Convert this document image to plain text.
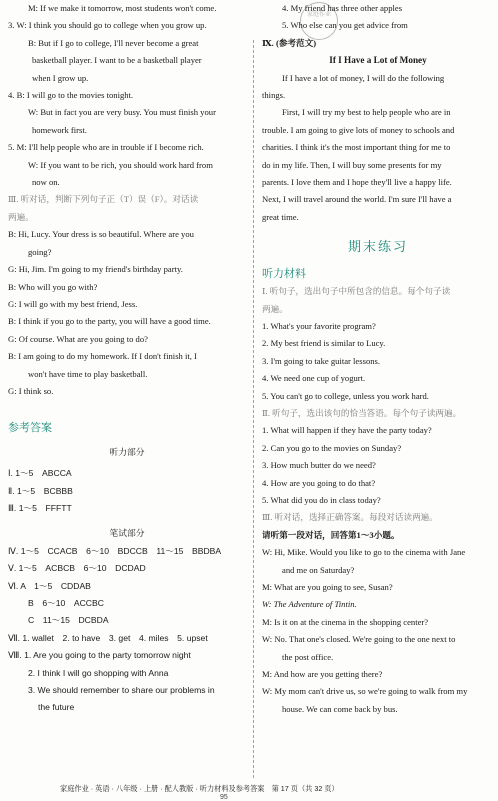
家庭作业
M: If we make it tomorrow, most students won't come.
3. W: I think you should go to college when you grow up.
B: But if I go to college, I'll never become a great
basketball player. I want to be a basketball player
when I grow up.
4. B: I will go to the movies tonight.
W: But in fact you are very busy. You must finish your
homework first.
5. M: I'll help people who are in trouble if I become rich.
W: If you want to be rich, you should work hard from
now on.
Ⅲ. 听对话，判断下列句子正（T）误（F）。对话读
两遍。
B: Hi, Lucy. Your dress is so beautiful. Where are you
going?
G: Hi, Jim. I'm going to my friend's birthday party.
B: Who will you go with?
G: I will go with my best friend, Jess.
B: I think if you go to the party, you will have a good time.
G: Of course. What are you going to do?
B: I am going to do my homework. If I don't finish it, I
won't have time to play basketball.
G: I think so.
参考答案
听力部分
Ⅰ. 1～5　ABCCA
Ⅱ. 1～5　BCBBB
Ⅲ. 1～5　FFFTT
笔试部分
Ⅳ. 1～5　CCACB　6～10　BDCCB　11～15　BBDBA
Ⅴ. 1～5　ACBCB　6～10　DCDAD
Ⅵ. A　1～5　CDDAB
B　6～10　ACCBC
C　11～15　DCBDA
Ⅶ. 1. wallet　2. to have　3. get　4. miles　5. upset
Ⅷ. 1. Are you going to the party tomorrow night
2. I think I will go shopping with Anna
3. We should remember to share our problems in
the future
4. My friend has three other apples
5. Who else can you get advice from
Ⅸ. (参考范文)
If I Have a Lot of Money
If I have a lot of money, I will do the following
things.
First, I will try my best to help people who are in
trouble. I am going to give lots of money to schools and
charities. I think it's the most important thing for me to
do in my life. Then, I will buy some presents for my
parents. I love them and I hope they'll live a happy life.
Next, I will travel around the world. I'm sure I'll have a
great time.
期末练习
听力材料
Ⅰ. 听句子，选出句子中所包含的信息。每个句子读
两遍。
1. What's your favorite program?
2. My best friend is similar to Lucy.
3. I'm going to take guitar lessons.
4. We need one cup of yogurt.
5. You can't go to college, unless you work hard.
Ⅱ. 听句子，选出该句的恰当答语。每个句子读两遍。
1. What will happen if they have the party today?
2. Can you go to the movies on Sunday?
3. How much butter do we need?
4. How are you going to do that?
5. What did you do in class today?
Ⅲ. 听对话，选择正确答案。每段对话读两遍。
请听第一段对话，回答第1～3小题。
W: Hi, Mike. Would you like to go to the cinema with Jane
and me on Saturday?
M: What are you going to see, Susan?
W: The Adventure of Tintin.
M: Is it on at the cinema in the shopping center?
W: No. That one's closed. We're going to the one next to
the post office.
M: And how are you getting there?
W: My mom can't drive us, so we're going to walk from my
house. We can come back by bus.
家庭作业 · 英语 · 八年级 · 上册 · 配人教版 · 听力材料及参考答案　第 17 页（共 32 页）
95
